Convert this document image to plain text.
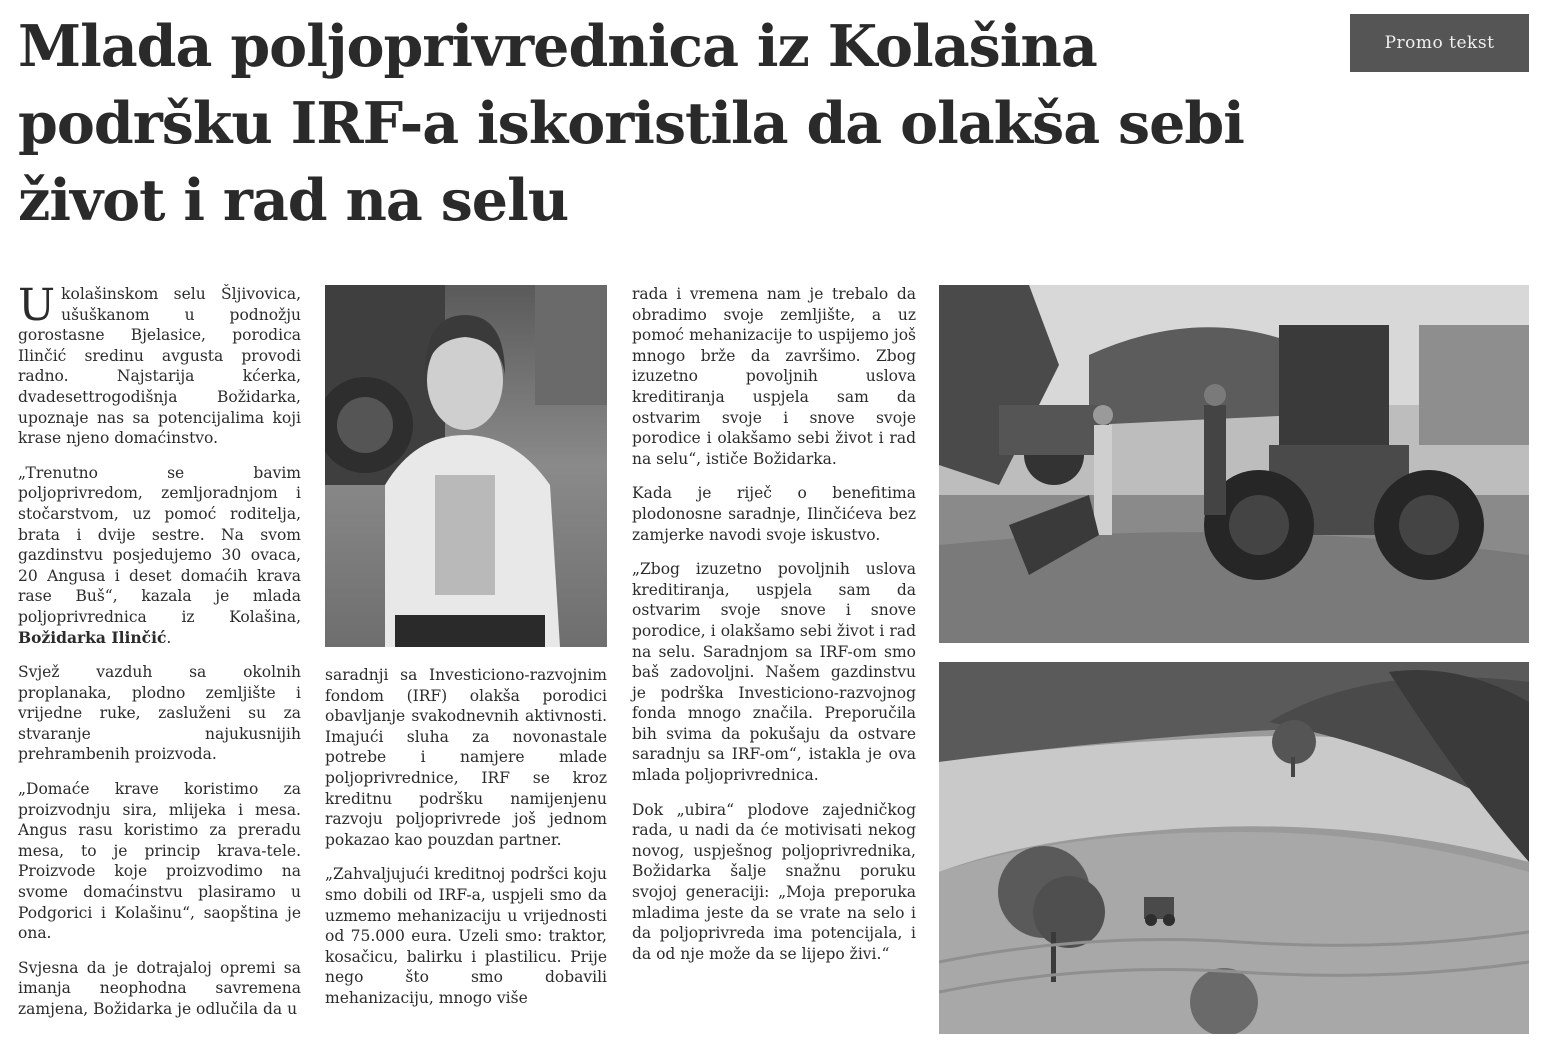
Mlada poljoprivrednica iz Kolašina podršku IRF-a iskoristila da olakša sebi život i rad na selu
Promo tekst

Ukolašinskom selu Šljivovica, ušuškanom u podnožju gorostasne Bjelasice, porodica Ilinčić sredinu avgusta provodi radno. Najstarija kćerka, dvadesettrogodišnja Božidarka, upoznaje nas sa potencijalima koji krase njeno domaćinstvo.

„Trenutno se bavim poljoprivredom, zemljoradnjom i stočarstvom, uz pomoć roditelja, brata i dvije sestre. Na svom gazdinstvu posjedujemo 30 ovaca, 20 Angusa i deset domaćih krava rase Buš“, kazala je mlada poljoprivrednica iz Kolašina, Božidarka Ilinčić.

Svjež vazduh sa okolnih proplanaka, plodno zemljište i vrijedne ruke, zasluženi su za stvaranje najukusnijih prehrambenih proizvoda.

„Domaće krave koristimo za proizvodnju sira, mlijeka i mesa. Angus rasu koristimo za preradu mesa, to je princip krava-tele. Proizvode koje proizvodimo na svome domaćinstvu plasiramo u Podgorici i Kolašinu“, saopština je ona.

Svjesna da je dotrajaloj opremi sa imanja neophodna savremena zamjena, Božidarka je odlučila da u

saradnji sa Investiciono-razvojnim fondom (IRF) olakša porodici obavljanje svakodnevnih aktivnosti. Imajući sluha za novonastale potrebe i namjere mlade poljoprivrednice, IRF se kroz kreditnu podršku namijenjenu razvoju poljoprivrede još jednom pokazao kao pouzdan partner.

„Zahvaljujući kreditnoj podršci koju smo dobili od IRF-a, uspjeli smo da uzmemo mehanizaciju u vrijednosti od 75.000 eura. Uzeli smo: traktor, kosačicu, balirku i plastilicu. Prije nego što smo dobavili mehanizaciju, mnogo više

rada i vremena nam je trebalo da obradimo svoje zemljište, a uz pomoć mehanizacije to uspijemo još mnogo brže da završimo. Zbog izuzetno povoljnih uslova kreditiranja uspjela sam da ostvarim svoje i snove svoje porodice i olakšamo sebi život i rad na selu“, ističe Božidarka.

Kada je riječ o benefitima plodonosne saradnje, Ilinčićeva bez zamjerke navodi svoje iskustvo.

„Zbog izuzetno povoljnih uslova kreditiranja, uspjela sam da ostvarim svoje snove i snove porodice, i olakšamo sebi život i rad na selu. Saradnjom sa IRF-om smo baš zadovoljni. Našem gazdinstvu je podrška Investiciono-razvojnog fonda mnogo značila. Preporučila bih svima da pokušaju da ostvare saradnju sa IRF-om“, istakla je ova mlada poljoprivrednica.

Dok „ubira“ plodove zajedničkog rada, u nadi da će motivisati nekog novog, uspješnog poljoprivrednika, Božidarka šalje snažnu poruku svojoj generaciji: „Moja preporuka mladima jeste da se vrate na selo i da poljoprivreda ima potencijala, i da od nje može da se lijepo živi.“
